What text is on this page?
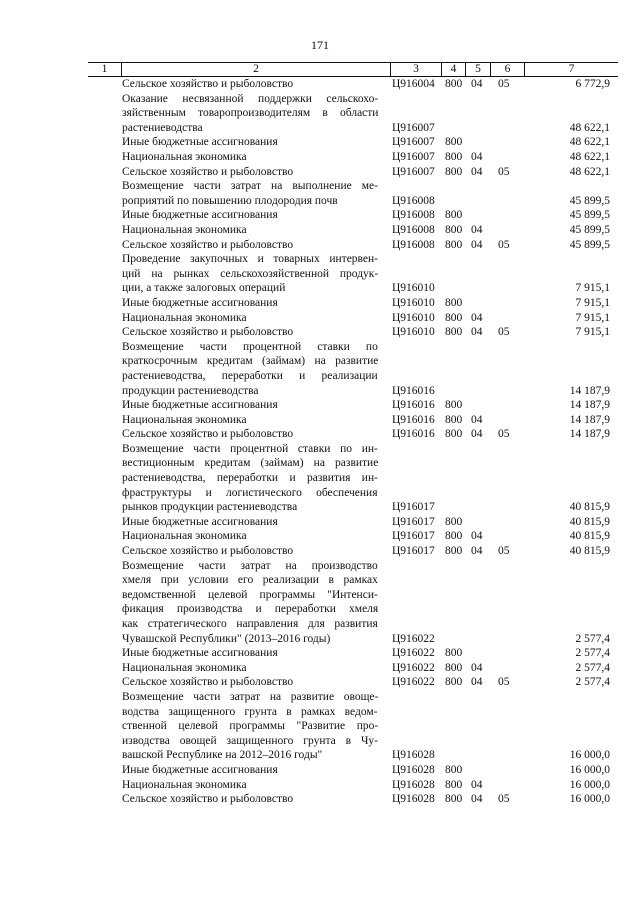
171
1	2	3	4	5	6	7
Сельское хозяйство и рыболовство	Ц916004 800 04 05	6 772,9
Оказание несвязанной поддержки сельскохо-
зяйственным товаропроизводителям в области
растениеводства	Ц916007	48 622,1
Иные бюджетные ассигнования	Ц916007 800	48 622,1
Национальная экономика	Ц916007 800 04	48 622,1
Сельское хозяйство и рыболовство	Ц916007 800 04 05	48 622,1
Возмещение части затрат на выполнение ме-
роприятий по повышению плодородия почв	Ц916008	45 899,5
Иные бюджетные ассигнования	Ц916008 800	45 899,5
Национальная экономика	Ц916008 800 04	45 899,5
Сельское хозяйство и рыболовство	Ц916008 800 04 05	45 899,5
Проведение закупочных и товарных интервен-
ций на рынках сельскохозяйственной продук-
ции, а также залоговых операций	Ц916010	7 915,1
Иные бюджетные ассигнования	Ц916010 800	7 915,1
Национальная экономика	Ц916010 800 04	7 915,1
Сельское хозяйство и рыболовство	Ц916010 800 04 05	7 915,1
Возмещение части процентной ставки по
краткосрочным кредитам (займам) на развитие
растениеводства, переработки и реализации
продукции растениеводства	Ц916016	14 187,9
Иные бюджетные ассигнования	Ц916016 800	14 187,9
Национальная экономика	Ц916016 800 04	14 187,9
Сельское хозяйство и рыболовство	Ц916016 800 04 05	14 187,9
Возмещение части процентной ставки по ин-
вестиционным кредитам (займам) на развитие
растениеводства, переработки и развития ин-
фраструктуры и логистического обеспечения
рынков продукции растениеводства	Ц916017	40 815,9
Иные бюджетные ассигнования	Ц916017 800	40 815,9
Национальная экономика	Ц916017 800 04	40 815,9
Сельское хозяйство и рыболовство	Ц916017 800 04 05	40 815,9
Возмещение части затрат на производство
хмеля при условии его реализации в рамках
ведомственной целевой программы "Интенси-
фикация производства и переработки хмеля
как стратегического направления для развития
Чувашской Республики" (2013–2016 годы)	Ц916022	2 577,4
Иные бюджетные ассигнования	Ц916022 800	2 577,4
Национальная экономика	Ц916022 800 04	2 577,4
Сельское хозяйство и рыболовство	Ц916022 800 04 05	2 577,4
Возмещение части затрат на развитие овоще-
водства защищенного грунта в рамках ведом-
ственной целевой программы "Развитие про-
изводства овощей защищенного грунта в Чу-
вашской Республике на 2012–2016 годы"	Ц916028	16 000,0
Иные бюджетные ассигнования	Ц916028 800	16 000,0
Национальная экономика	Ц916028 800 04	16 000,0
Сельское хозяйство и рыболовство	Ц916028 800 04 05	16 000,0
